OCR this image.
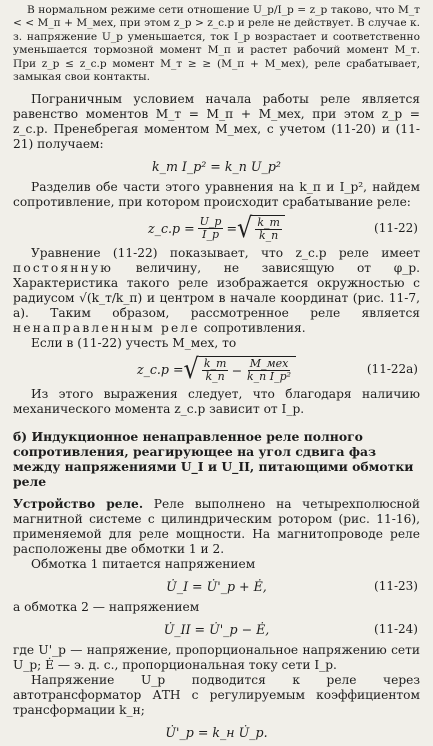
В нормальном режиме сети отношение U_p/I_p = z_p таково, что M_т < < M_п + M_мех, при этом z_p > z_с.р и реле не действует. В случае к. з. напряжение U_p уменьшается, ток I_p возрастает и соответственно уменьшается тормозной момент M_п и растет рабочий момент M_т. При z_p ≤ z_с.р момент M_т ≥ ≥ (M_п + M_мех), реле срабатывает, замыкая свои контакты.

Пограничным условием начала работы реле является равенство моментов M_т = M_п + M_мех, при этом z_p = z_с.р. Пренебрегая моментом M_мех, с учетом (11-20) и (11-21) получаем:

k_т I_p² = k_п U_p²

Разделив обе части этого уравнения на k_п и I_p², найдем сопротивление, при котором происходит срабатывание реле:

z_с.р = $\frac{U\_p}{I\_p}$ = √ $\frac{k\_т}{k\_п}$	(11-22)

Уравнение (11-22) показывает, что z_с.р реле имеет постоянную величину, не зависящую от φ_р. Характеристика такого реле изображается окружностью с радиусом √(k_т/k_п) и центром в начале координат (рис. 11-7, а). Таким образом, рассмотренное реле является ненаправленным реле сопротивления.

Если в (11-22) учесть M_мех, то

z_с.р = √ $\frac{k\_т}{k\_п} - \frac{\text{M\_мех}}{\text{k\_п I\_p²}}$	(11-22а)

Из этого выражения следует, что благодаря наличию механического момента z_с.р зависит от I_p.

б) Индукционное ненаправленное реле полного сопротивления, реагирующее на угол сдвига фаз между напряжениями U_I и U_II, питающими обмотки реле

Устройство реле. Реле выполнено на четырехполюсной магнитной системе с цилиндрическим ротором (рис. 11-16), применяемой для реле мощности. На магнитопроводе реле расположены две обмотки 1 и 2.

Обмотка 1 питается напряжением

U̇_I = U̇'_р + Ė,	(11-23)

а обмотка 2 — напряжением

U̇_II = U̇'_р − Ė,	(11-24)

где U'_р — напряжение, пропорциональное напряжению сети U_р; Ė — э. д. с., пропорциональная току сети I_р.

Напряжение U_р подводится к реле через автотрансформатор АТН с регулируемым коэффициентом трансформации k_н;

U̇'_р = k_н U̇_р.
